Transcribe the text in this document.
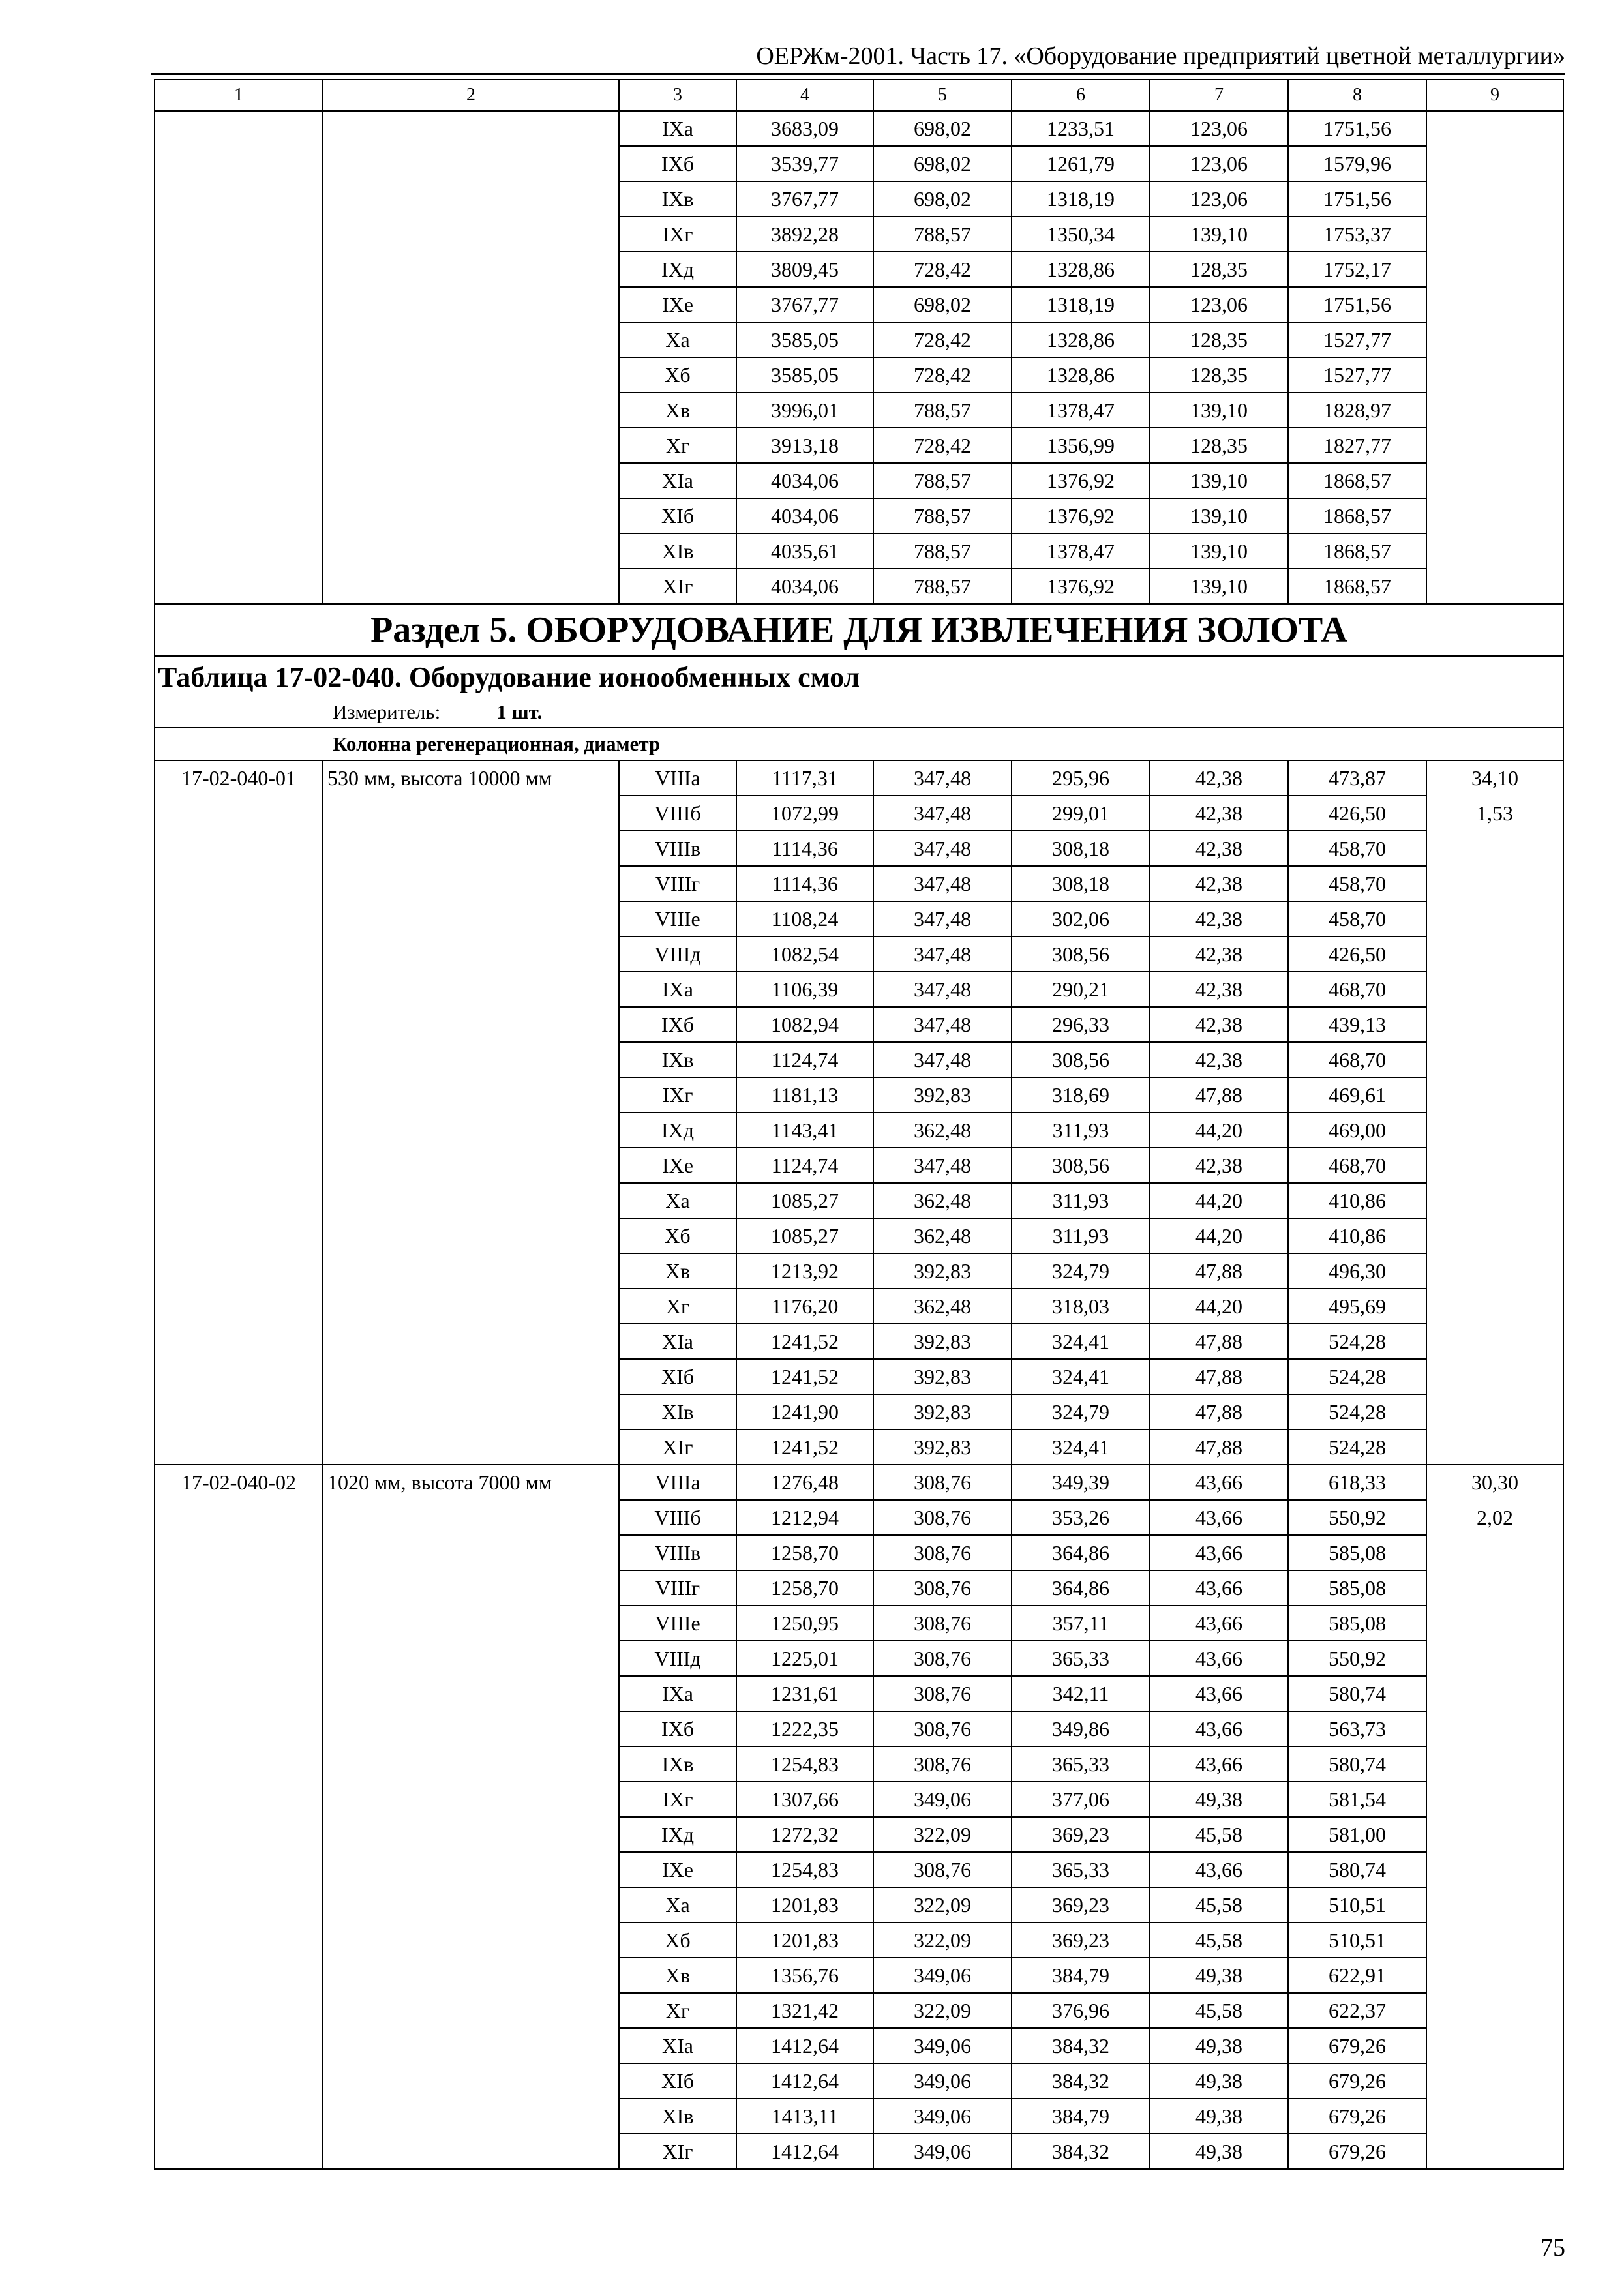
ОЕРЖм-2001. Часть 17. «Оборудование предприятий цветной металлургии»
1	2	3	4	5	6	7	8	9
		IXа	3683,09	698,02	1233,51	123,06	1751,56	
		IXб	3539,77	698,02	1261,79	123,06	1579,96	
		IXв	3767,77	698,02	1318,19	123,06	1751,56	
		IXг	3892,28	788,57	1350,34	139,10	1753,37	
		IXд	3809,45	728,42	1328,86	128,35	1752,17	
		IXе	3767,77	698,02	1318,19	123,06	1751,56	
		Xа	3585,05	728,42	1328,86	128,35	1527,77	
		Xб	3585,05	728,42	1328,86	128,35	1527,77	
		Xв	3996,01	788,57	1378,47	139,10	1828,97	
		Xг	3913,18	728,42	1356,99	128,35	1827,77	
		XIа	4034,06	788,57	1376,92	139,10	1868,57	
		XIб	4034,06	788,57	1376,92	139,10	1868,57	
		XIв	4035,61	788,57	1378,47	139,10	1868,57	
		XIг	4034,06	788,57	1376,92	139,10	1868,57	
Раздел 5. ОБОРУДОВАНИЕ ДЛЯ ИЗВЛЕЧЕНИЯ ЗОЛОТА								
Таблица 17-02-040. Оборудование ионообменных смол								
Измеритель: 1 шт.								
Колонна регенерационная, диаметр								
17-02-040-01	530 мм, высота 10000 мм	VIIIа	1117,31	347,48	295,96	42,38	473,87	34,10
		VIIIб	1072,99	347,48	299,01	42,38	426,50	1,53
		VIIIв	1114,36	347,48	308,18	42,38	458,70	
		VIIIг	1114,36	347,48	308,18	42,38	458,70	
		VIIIе	1108,24	347,48	302,06	42,38	458,70	
		VIIIд	1082,54	347,48	308,56	42,38	426,50	
		IXа	1106,39	347,48	290,21	42,38	468,70	
		IXб	1082,94	347,48	296,33	42,38	439,13	
		IXв	1124,74	347,48	308,56	42,38	468,70	
		IXг	1181,13	392,83	318,69	47,88	469,61	
		IXд	1143,41	362,48	311,93	44,20	469,00	
		IXе	1124,74	347,48	308,56	42,38	468,70	
		Xа	1085,27	362,48	311,93	44,20	410,86	
		Xб	1085,27	362,48	311,93	44,20	410,86	
		Xв	1213,92	392,83	324,79	47,88	496,30	
		Xг	1176,20	362,48	318,03	44,20	495,69	
		XIа	1241,52	392,83	324,41	47,88	524,28	
		XIб	1241,52	392,83	324,41	47,88	524,28	
		XIв	1241,90	392,83	324,79	47,88	524,28	
		XIг	1241,52	392,83	324,41	47,88	524,28	
17-02-040-02	1020 мм, высота 7000 мм	VIIIа	1276,48	308,76	349,39	43,66	618,33	30,30
		VIIIб	1212,94	308,76	353,26	43,66	550,92	2,02
		VIIIв	1258,70	308,76	364,86	43,66	585,08	
		VIIIг	1258,70	308,76	364,86	43,66	585,08	
		VIIIе	1250,95	308,76	357,11	43,66	585,08	
		VIIIд	1225,01	308,76	365,33	43,66	550,92	
		IXа	1231,61	308,76	342,11	43,66	580,74	
		IXб	1222,35	308,76	349,86	43,66	563,73	
		IXв	1254,83	308,76	365,33	43,66	580,74	
		IXг	1307,66	349,06	377,06	49,38	581,54	
		IXд	1272,32	322,09	369,23	45,58	581,00	
		IXе	1254,83	308,76	365,33	43,66	580,74	
		Xа	1201,83	322,09	369,23	45,58	510,51	
		Xб	1201,83	322,09	369,23	45,58	510,51	
		Xв	1356,76	349,06	384,79	49,38	622,91	
		Xг	1321,42	322,09	376,96	45,58	622,37	
		XIа	1412,64	349,06	384,32	49,38	679,26	
		XIб	1412,64	349,06	384,32	49,38	679,26	
		XIв	1413,11	349,06	384,79	49,38	679,26	
		XIг	1412,64	349,06	384,32	49,38	679,26	
75
